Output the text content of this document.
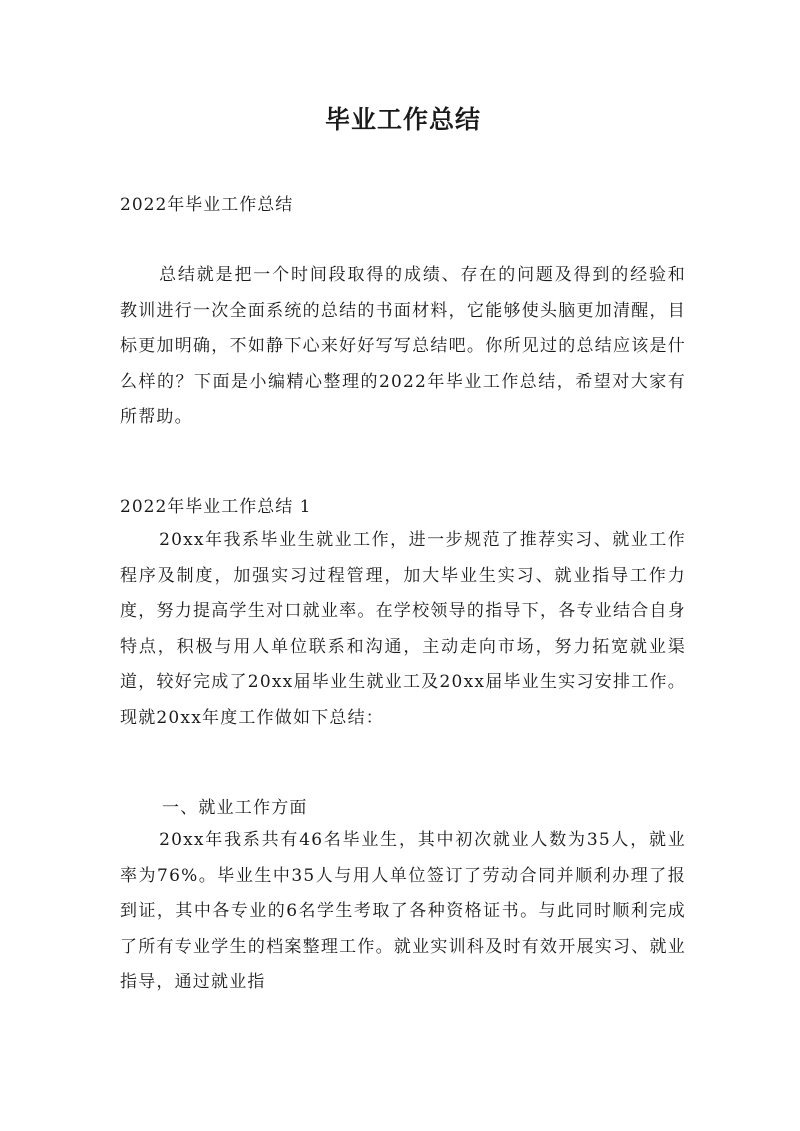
毕业工作总结

2022年毕业工作总结

总结就是把一个时间段取得的成绩、存在的问题及得到的经验和教训进行一次全面系统的总结的书面材料，它能够使头脑更加清醒，目标更加明确，不如静下心来好好写写总结吧。你所见过的总结应该是什么样的？下面是小编精心整理的2022年毕业工作总结，希望对大家有所帮助。

2022年毕业工作总结 1

20xx年我系毕业生就业工作，进一步规范了推荐实习、就业工作程序及制度，加强实习过程管理，加大毕业生实习、就业指导工作力度，努力提高学生对口就业率。在学校领导的指导下，各专业结合自身特点，积极与用人单位联系和沟通，主动走向市场，努力拓宽就业渠道，较好完成了20xx届毕业生就业工及20xx届毕业生实习安排工作。现就20xx年度工作做如下总结：

一、就业工作方面

20xx年我系共有46名毕业生，其中初次就业人数为35人，就业率为76%。毕业生中35人与用人单位签订了劳动合同并顺利办理了报到证，其中各专业的6名学生考取了各种资格证书。与此同时顺利完成了所有专业学生的档案整理工作。就业实训科及时有效开展实习、就业指导，通过就业指
